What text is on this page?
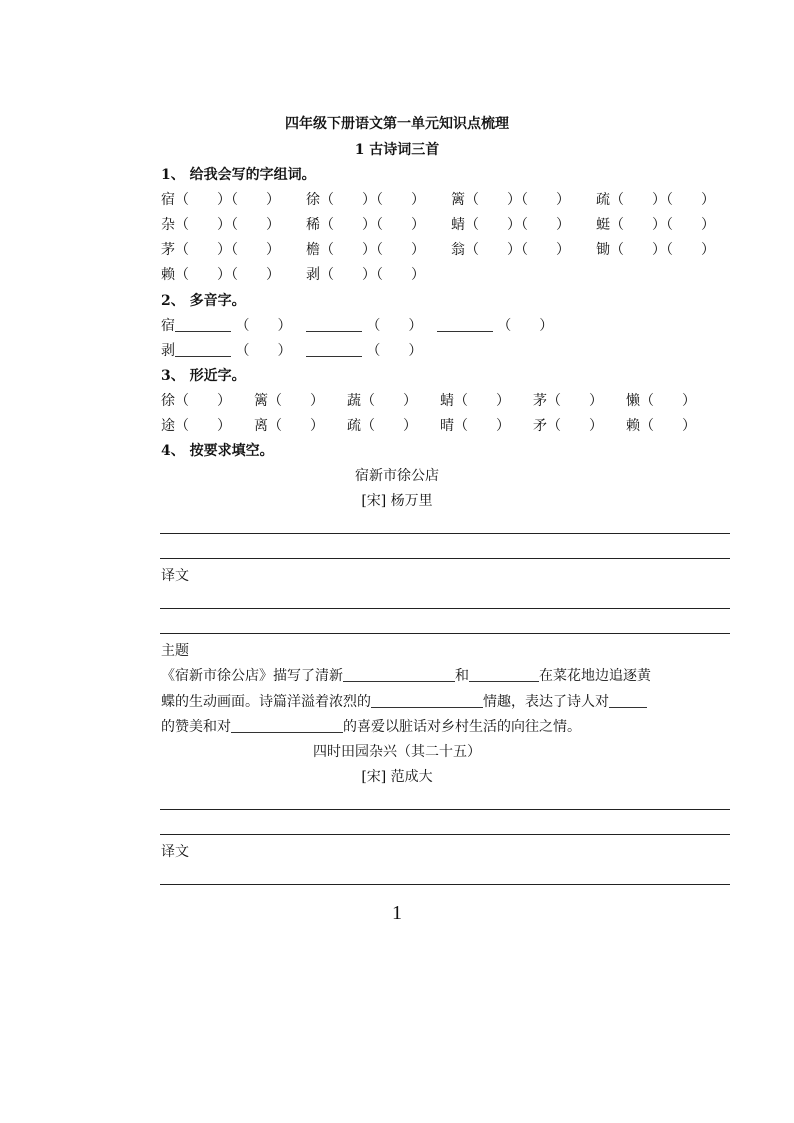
四年级下册语文第一单元知识点梳理
1 古诗词三首
1、 给我会写的字组词。
宿（　　）（　　） 徐（　　）（　　） 篱（　　）（　　） 疏（　　）（　　）
杂（　　）（　　） 稀（　　）（　　） 蜻（　　）（　　） 蜓（　　）（　　）
茅（　　）（　　） 檐（　　）（　　） 翁（　　）（　　） 锄（　　）（　　）
赖（　　）（　　） 剥（　　）（　　）
2、 多音字。
宿	（　　）	（　　）	（　　）
剥	（　　）	（　　）
3、 形近字。
徐（　　） 篱（　　） 蔬（　　） 蜻（　　） 茅（　　） 懒（　　）
途（　　） 离（　　） 疏（　　） 晴（　　） 矛（　　） 赖（　　）
4、 按要求填空。
宿新市徐公店
[宋] 杨万里
译文
主题
《宿新市徐公店》描写了清新	和	在菜花地边追逐黄
蝶的生动画面。诗篇洋溢着浓烈的	情趣，表达了诗人对
的赞美和对	的喜爱以脏话对乡村生活的向往之情。
四时田园杂兴（其二十五）
[宋] 范成大
译文
1
